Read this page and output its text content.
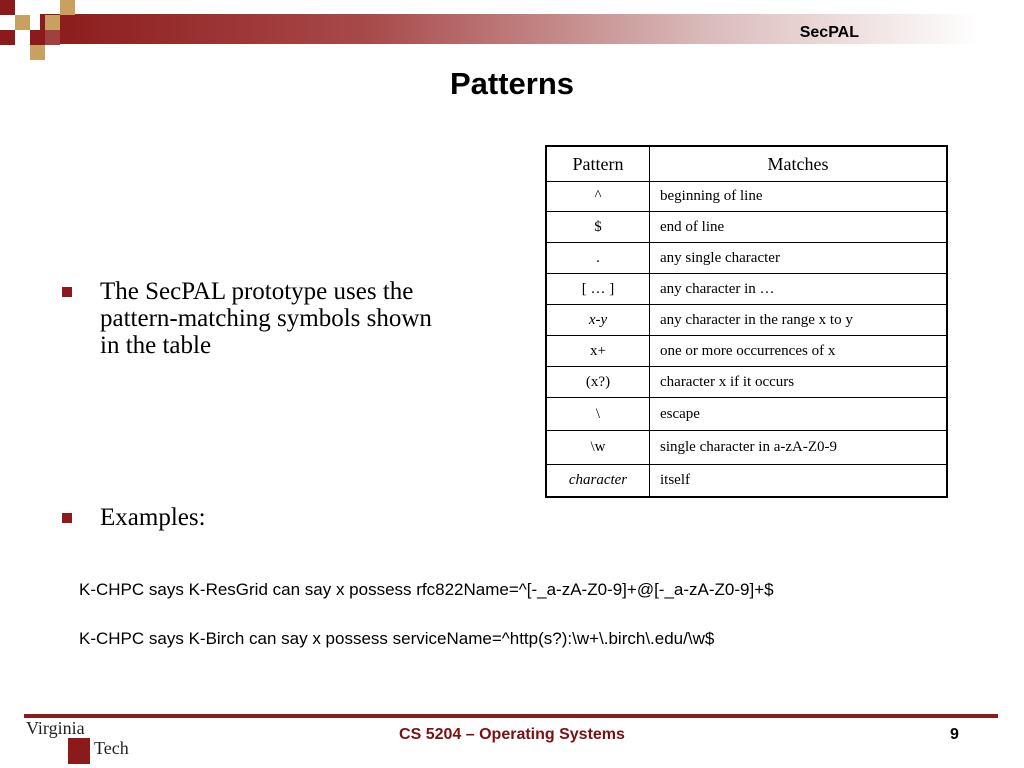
SecPAL
Patterns
The SecPAL prototype uses the
pattern-matching symbols shown
in the table
Examples:
Pattern	Matches
^	beginning of line
$	end of line
.	any single character
[ … ]	any character in …
x-y	any character in the range x to y
x+	one or more occurrences of x
(x?)	character x if it occurs
\	escape
\w	single character in a-zA-Z0-9
character	itself
K-CHPC says K-ResGrid can say x possess rfc822Name=^[-_a-zA-Z0-9]+@[-_a-zA-Z0-9]+$
K-CHPC says K-Birch can say x possess serviceName=^http(s?):\w+\.birch\.edu/\w$
Virginia
Tech
CS 5204 – Operating Systems	9
